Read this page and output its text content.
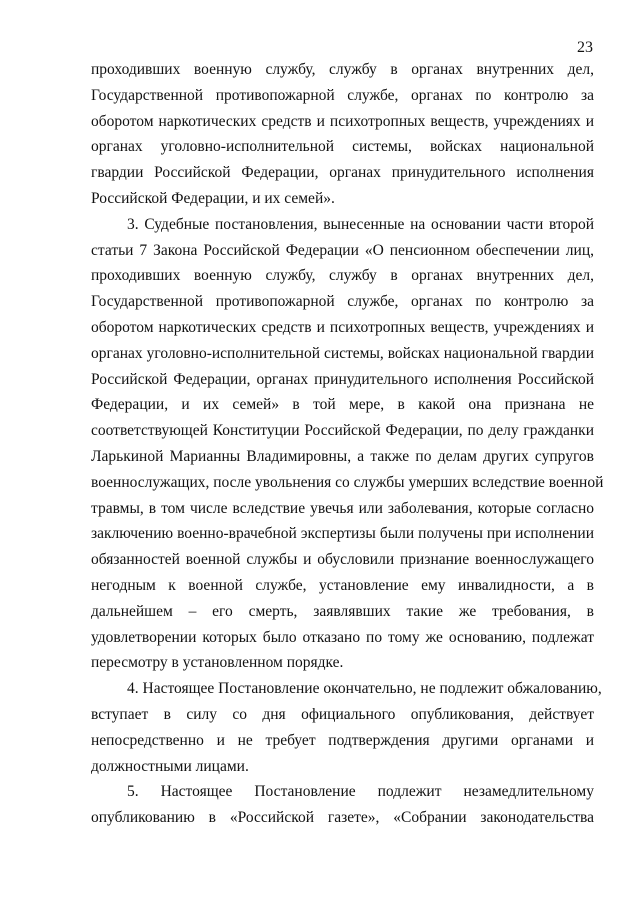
23
проходивших военную службу, службу в органах внутренних дел,
Государственной противопожарной службе, органах по контролю за
оборотом наркотических средств и психотропных веществ, учреждениях и
органах уголовно-исполнительной системы, войсках национальной
гвардии Российской Федерации, органах принудительного исполнения
Российской Федерации, и их семей».
3. Судебные постановления, вынесенные на основании части второй
статьи 7 Закона Российской Федерации «О пенсионном обеспечении лиц,
проходивших военную службу, службу в органах внутренних дел,
Государственной противопожарной службе, органах по контролю за
оборотом наркотических средств и психотропных веществ, учреждениях и
органах уголовно-исполнительной системы, войсках национальной гвардии
Российской Федерации, органах принудительного исполнения Российской
Федерации, и их семей» в той мере, в какой она признана не
соответствующей Конституции Российской Федерации, по делу гражданки
Ларькиной Марианны Владимировны, а также по делам других супругов
военнослужащих, после увольнения со службы умерших вследствие военной
травмы, в том числе вследствие увечья или заболевания, которые согласно
заключению военно-врачебной экспертизы были получены при исполнении
обязанностей военной службы и обусловили признание военнослужащего
негодным к военной службе, установление ему инвалидности, а в
дальнейшем – его смерть, заявлявших такие же требования, в
удовлетворении которых было отказано по тому же основанию, подлежат
пересмотру в установленном порядке.
4. Настоящее Постановление окончательно, не подлежит обжалованию,
вступает в силу со дня официального опубликования, действует
непосредственно и не требует подтверждения другими органами и
должностными лицами.
5. Настоящее Постановление подлежит незамедлительному
опубликованию в «Российской газете», «Собрании законодательства
